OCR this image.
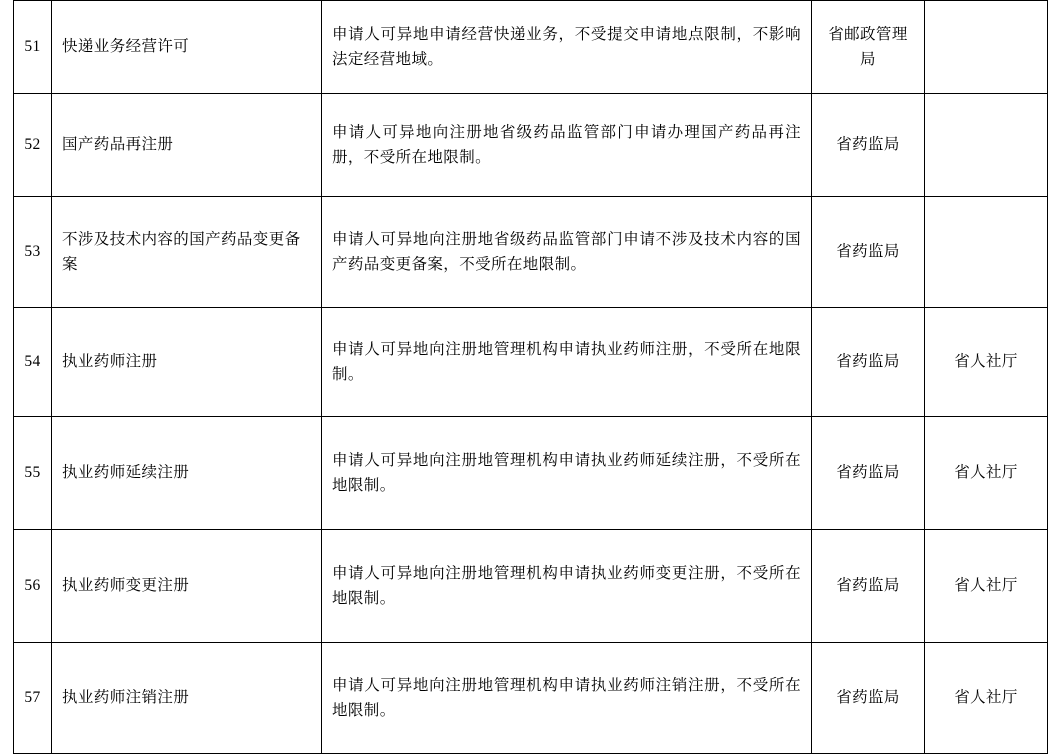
51	快递业务经营许可	申请人可异地申请经营快递业务，不受提交申请地点限制，不影响法定经营地域。	省邮政管理局	
52	国产药品再注册	申请人可异地向注册地省级药品监管部门申请办理国产药品再注册，不受所在地限制。	省药监局	
53	不涉及技术内容的国产药品变更备案	申请人可异地向注册地省级药品监管部门申请不涉及技术内容的国产药品变更备案，不受所在地限制。	省药监局	
54	执业药师注册	申请人可异地向注册地管理机构申请执业药师注册，不受所在地限制。	省药监局	省人社厅
55	执业药师延续注册	申请人可异地向注册地管理机构申请执业药师延续注册，不受所在地限制。	省药监局	省人社厅
56	执业药师变更注册	申请人可异地向注册地管理机构申请执业药师变更注册，不受所在地限制。	省药监局	省人社厅
57	执业药师注销注册	申请人可异地向注册地管理机构申请执业药师注销注册，不受所在地限制。	省药监局	省人社厅
